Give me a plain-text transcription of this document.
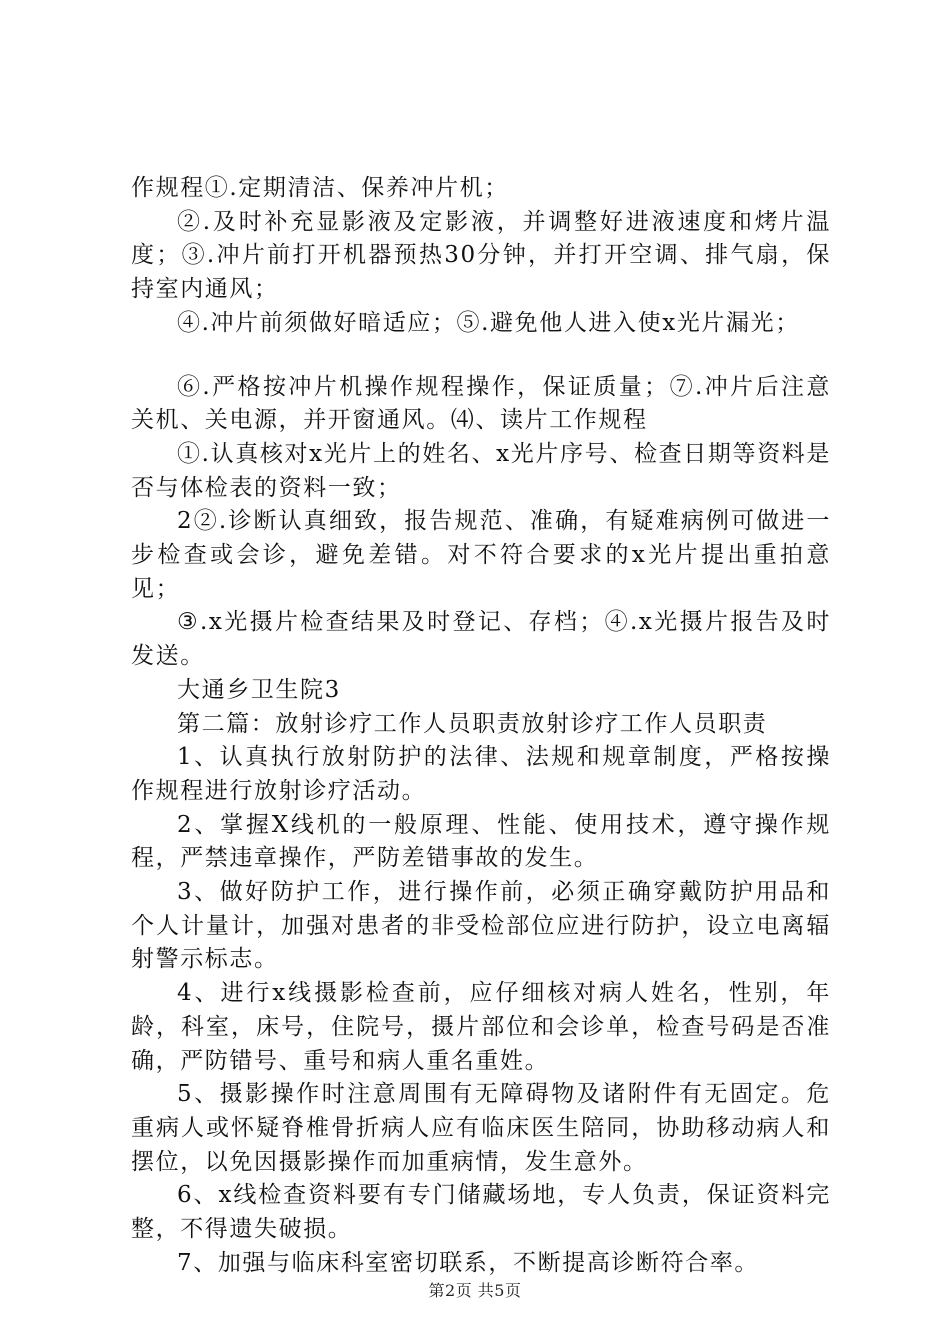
作规程①.定期清洁、保养冲片机；

②.及时补充显影液及定影液，并调整好进液速度和烤片温度；③.冲片前打开机器预热30分钟，并打开空调、排气扇，保持室内通风；

④.冲片前须做好暗适应；⑤.避免他人进入使x光片漏光；

⑥.严格按冲片机操作规程操作，保证质量；⑦.冲片后注意关机、关电源，并开窗通风。⑷、读片工作规程

①.认真核对x光片上的姓名、x光片序号、检查日期等资料是否与体检表的资料一致；

2②.诊断认真细致，报告规范、准确，有疑难病例可做进一步检查或会诊，避免差错。对不符合要求的x光片提出重拍意见；

③.x光摄片检查结果及时登记、存档；④.x光摄片报告及时发送。

大通乡卫生院3

第二篇：放射诊疗工作人员职责放射诊疗工作人员职责

1、认真执行放射防护的法律、法规和规章制度，严格按操作规程进行放射诊疗活动。

2、掌握X线机的一般原理、性能、使用技术，遵守操作规程，严禁违章操作，严防差错事故的发生。

3、做好防护工作，进行操作前，必须正确穿戴防护用品和个人计量计，加强对患者的非受检部位应进行防护，设立电离辐射警示标志。

4、进行x线摄影检查前，应仔细核对病人姓名，性别，年龄，科室，床号，住院号，摄片部位和会诊单，检查号码是否准确，严防错号、重号和病人重名重姓。

5、摄影操作时注意周围有无障碍物及诸附件有无固定。危重病人或怀疑脊椎骨折病人应有临床医生陪同，协助移动病人和摆位，以免因摄影操作而加重病情，发生意外。

6、x线检查资料要有专门储藏场地，专人负责，保证资料完整，不得遗失破损。

7、加强与临床科室密切联系，不断提高诊断符合率。

第2页 共5页
